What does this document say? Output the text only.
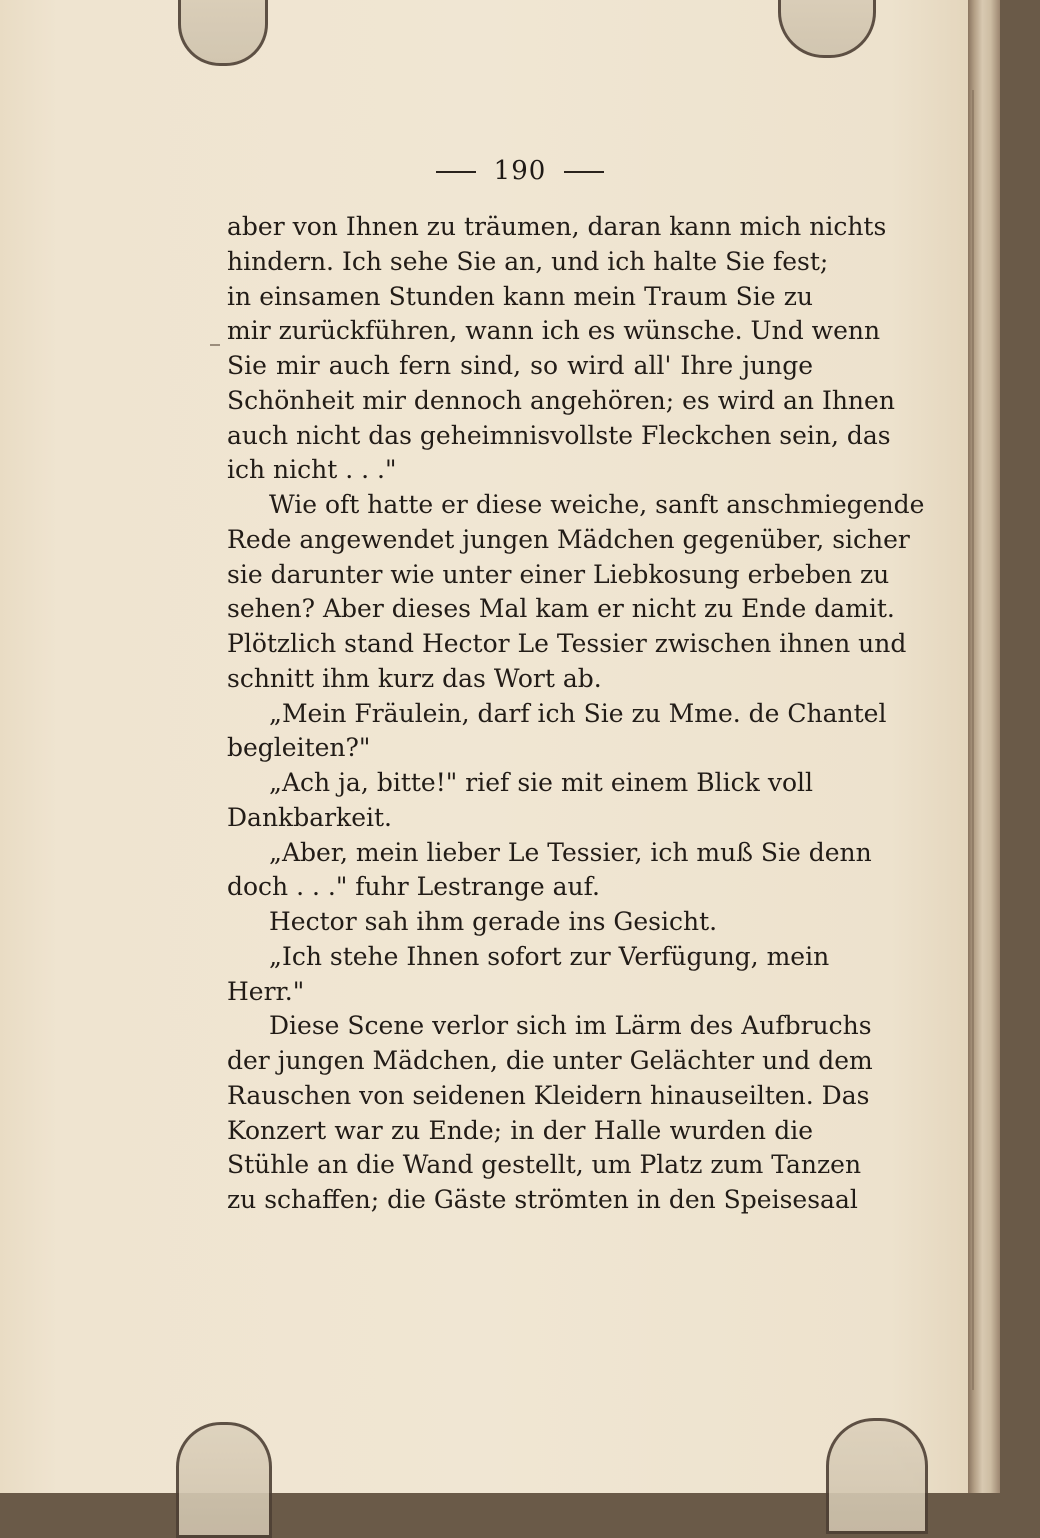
190
aber von Ihnen zu träumen, daran kann mich nichts
hindern. Ich sehe Sie an, und ich halte Sie fest;
in einsamen Stunden kann mein Traum Sie zu
mir zurückführen, wann ich es wünsche. Und wenn
Sie mir auch fern sind, so wird all' Ihre junge
Schönheit mir dennoch angehören; es wird an Ihnen
auch nicht das geheimnisvollste Fleckchen sein, das
ich nicht . . ."
Wie oft hatte er diese weiche, sanft anschmiegende
Rede angewendet jungen Mädchen gegenüber, sicher
sie darunter wie unter einer Liebkosung erbeben zu
sehen? Aber dieses Mal kam er nicht zu Ende damit.
Plötzlich stand Hector Le Tessier zwischen ihnen und
schnitt ihm kurz das Wort ab.
„Mein Fräulein, darf ich Sie zu Mme. de Chantel
begleiten?"
„Ach ja, bitte!" rief sie mit einem Blick voll
Dankbarkeit.
„Aber, mein lieber Le Tessier, ich muß Sie denn
doch . . ." fuhr Lestrange auf.
Hector sah ihm gerade ins Gesicht.
„Ich stehe Ihnen sofort zur Verfügung, mein
Herr."
Diese Scene verlor sich im Lärm des Aufbruchs
der jungen Mädchen, die unter Gelächter und dem
Rauschen von seidenen Kleidern hinauseilten. Das
Konzert war zu Ende; in der Halle wurden die
Stühle an die Wand gestellt, um Platz zum Tanzen
zu schaffen; die Gäste strömten in den Speisesaal
